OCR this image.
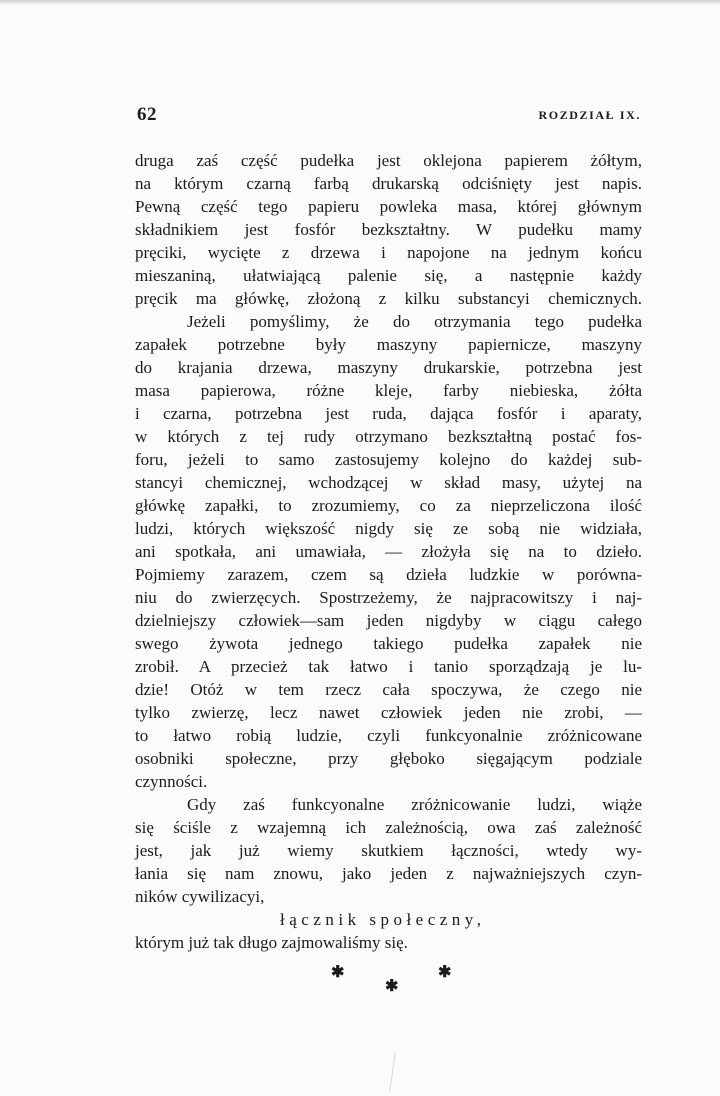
62	ROZDZIAŁ IX.
druga zaś część pudełka jest oklejona papierem żółtym,
na którym czarną farbą drukarską odciśnięty jest napis.
Pewną część tego papieru powleka masa, której głównym
składnikiem jest fosfór bezkształtny. W pudełku mamy
pręciki, wycięte z drzewa i napojone na jednym końcu
mieszaniną, ułatwiającą palenie się, a następnie każdy
pręcik ma główkę, złożoną z kilku substancyi chemicznych.
Jeżeli pomyślimy, że do otrzymania tego pudełka
zapałek potrzebne były maszyny papiernicze, maszyny
do krajania drzewa, maszyny drukarskie, potrzebna jest
masa papierowa, różne kleje, farby niebieska, żółta
i czarna, potrzebna jest ruda, dająca fosfór i aparaty,
w których z tej rudy otrzymano bezkształtną postać fos-
foru, jeżeli to samo zastosujemy kolejno do każdej sub-
stancyi chemicznej, wchodzącej w skład masy, użytej na
główkę zapałki, to zrozumiemy, co za nieprzeliczona ilość
ludzi, których większość nigdy się ze sobą nie widziała,
ani spotkała, ani umawiała, — złożyła się na to dzieło.
Pojmiemy zarazem, czem są dzieła ludzkie w porówna-
niu do zwierzęcych. Spostrzeżemy, że najpracowitszy i naj-
dzielniejszy człowiek—sam jeden nigdyby w ciągu całego
swego żywota jednego takiego pudełka zapałek nie
zrobił. A przecież tak łatwo i tanio sporządzają je lu-
dzie! Otóż w tem rzecz cała spoczywa, że czego nie
tylko zwierzę, lecz nawet człowiek jeden nie zrobi, —
to łatwo robią ludzie, czyli funkcyonalnie zróżnicowane
osobniki społeczne, przy głęboko sięgającym podziale
czynności.
Gdy zaś funkcyonalne zróżnicowanie ludzi, wiąże
się ściśle z wzajemną ich zależnością, owa zaś zależność
jest, jak już wiemy skutkiem łączności, wtedy wy-
łania się nam znowu, jako jeden z najważniejszych czyn-
ników cywilizacyi,
łącznik społeczny,
którym już tak długo zajmowaliśmy się.
✱
✱
✱
